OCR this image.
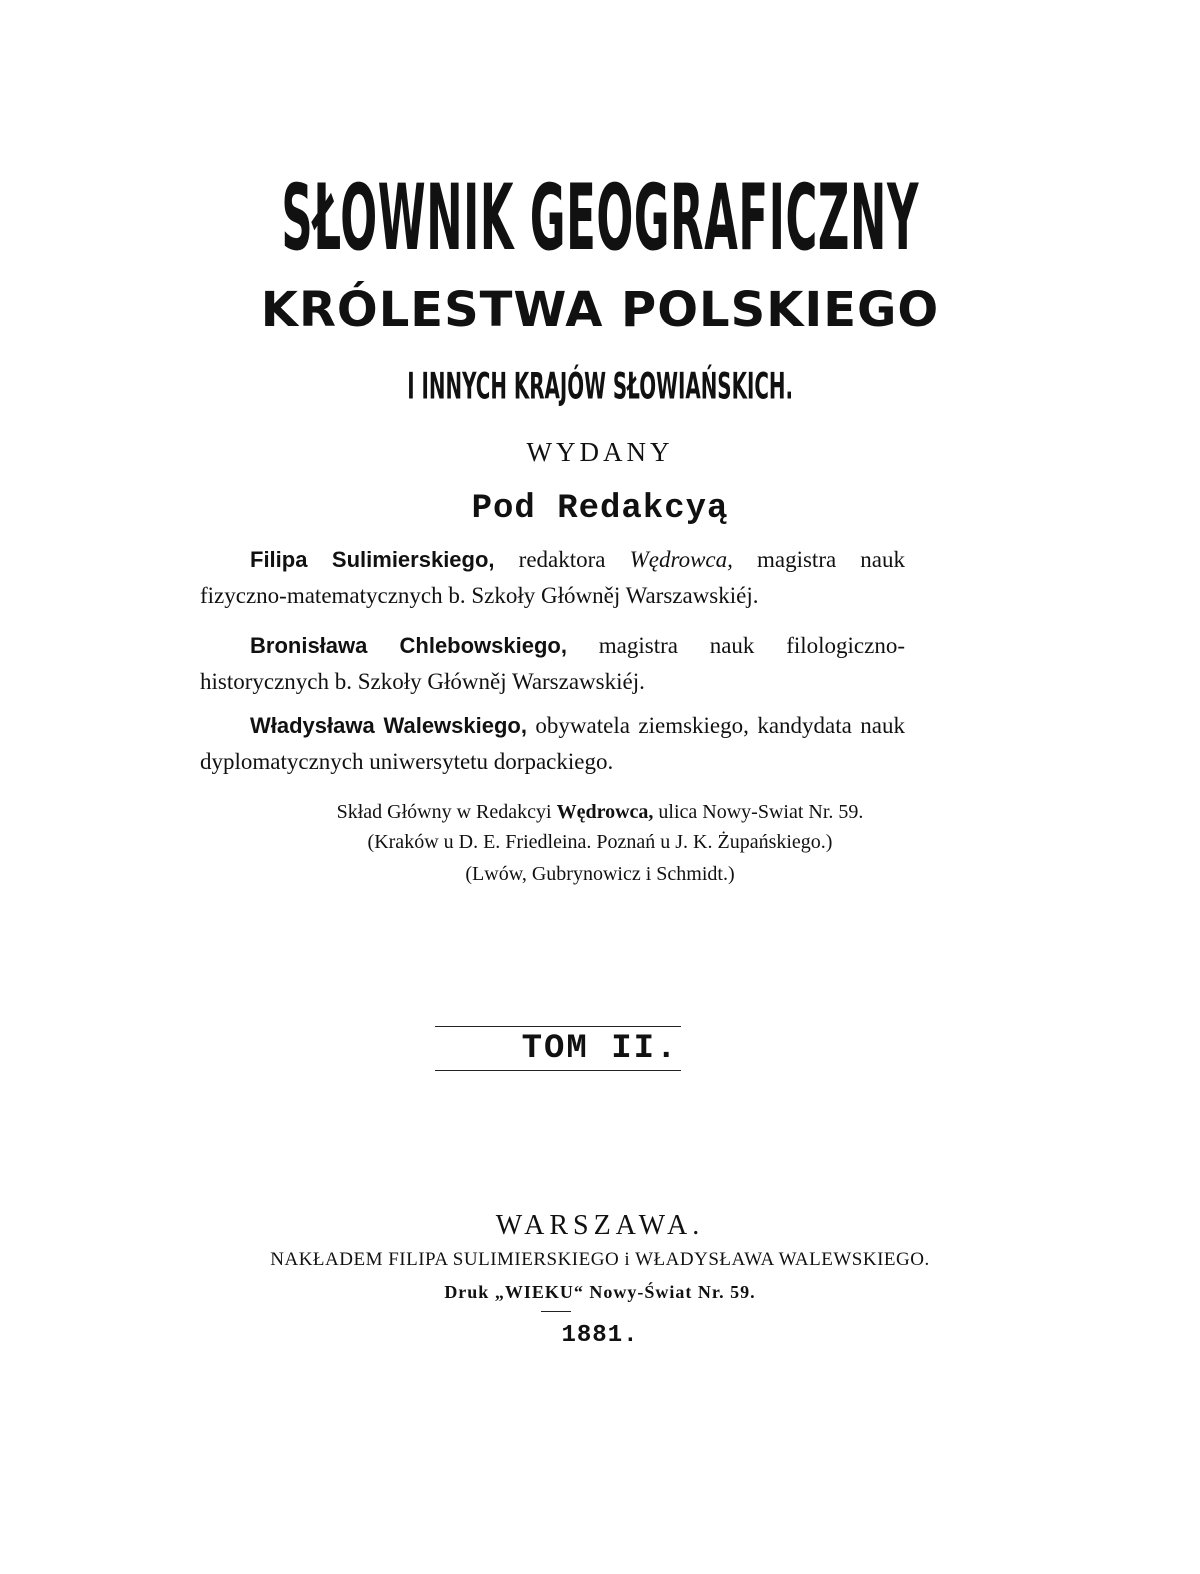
SŁOWNIK GEOGRAFICZNY
KRÓLESTWA POLSKIEGO
I INNYCH KRAJÓW SŁOWIAŃSKICH.
WYDANY
Pod Redakcyą
Filipa Sulimierskiego, redaktora Wędrowca, magistra nauk fizyczno-matematycznych b. Szkoły Główněj Warszawskiéj.
Bronisława Chlebowskiego, magistra nauk filologiczno-historycznych b. Szkoły Główněj Warszawskiéj.
Władysława Walewskiego, obywatela ziemskiego, kandydata nauk dyplomatycznych uniwersytetu dorpackiego.
Skład Główny w Redakcyi Wędrowca, ulica Nowy-Swiat Nr. 59.
(Kraków u D. E. Friedleina. Poznań u J. K. Żupańskiego.)
(Lwów, Gubrynowicz i Schmidt.)
TOM II.
WARSZAWA.
NAKŁADEM FILIPA SULIMIERSKIEGO i WŁADYSŁAWA WALEWSKIEGO.
Druk „WIEKU“ Nowy-Świat Nr. 59.
1881.
